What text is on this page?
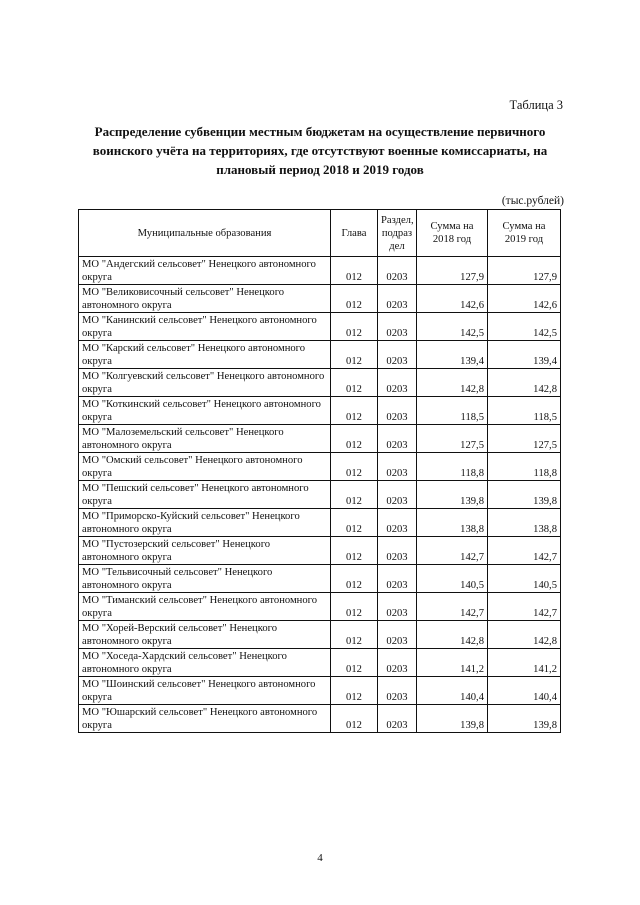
Таблица 3
Распределение субвенции местным бюджетам на осуществление первичного воинского учёта на территориях, где отсутствуют военные комиссариаты, на плановый период 2018 и 2019 годов
(тыс.рублей)
Муниципальные образования	Глава	Раздел, подраз дел	Сумма на 2018 год	Сумма на 2019 год
МО "Андегский сельсовет" Ненецкого автономного округа	012	0203	127,9	127,9
МО "Великовисочный сельсовет" Ненецкого автономного округа	012	0203	142,6	142,6
МО "Канинский сельсовет" Ненецкого автономного округа	012	0203	142,5	142,5
МО "Карский сельсовет" Ненецкого автономного округа	012	0203	139,4	139,4
МО "Колгуевский сельсовет" Ненецкого автономного округа	012	0203	142,8	142,8
МО "Коткинский сельсовет" Ненецкого автономного округа	012	0203	118,5	118,5
МО "Малоземельский сельсовет" Ненецкого автономного округа	012	0203	127,5	127,5
МО "Омский сельсовет" Ненецкого автономного округа	012	0203	118,8	118,8
МО "Пешский сельсовет" Ненецкого автономного округа	012	0203	139,8	139,8
МО "Приморско-Куйский сельсовет" Ненецкого автономного округа	012	0203	138,8	138,8
МО "Пустозерский сельсовет" Ненецкого автономного округа	012	0203	142,7	142,7
МО "Тельвисочный сельсовет" Ненецкого автономного округа	012	0203	140,5	140,5
МО "Тиманский сельсовет" Ненецкого автономного округа	012	0203	142,7	142,7
МО "Хорей-Верский сельсовет" Ненецкого автономного округа	012	0203	142,8	142,8
МО "Хоседа-Хардский сельсовет" Ненецкого автономного округа	012	0203	141,2	141,2
МО "Шоинский сельсовет" Ненецкого автономного округа	012	0203	140,4	140,4
МО "Юшарский сельсовет" Ненецкого автономного округа	012	0203	139,8	139,8
4
